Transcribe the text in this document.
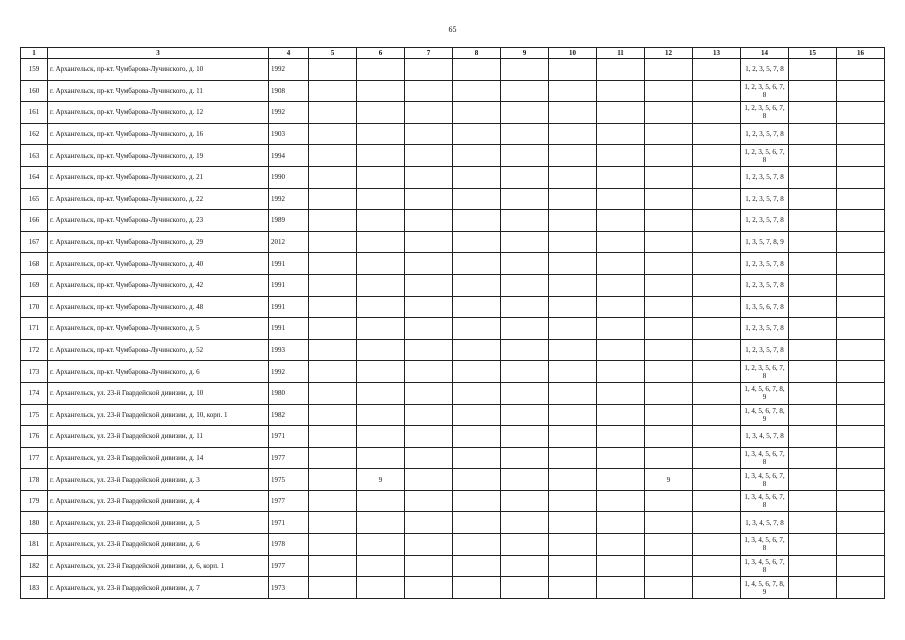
65
1	3	4	5	6	7	8	9	10	11	12	13	14	15	16
159	г. Архангельск, пр-кт. Чумбарова-Лучинского, д. 10	1992										1, 2, 3, 5, 7, 8		
160	г. Архангельск, пр-кт. Чумбарова-Лучинского, д. 11	1908										1, 2, 3, 5, 6, 7, 8		
161	г. Архангельск, пр-кт. Чумбарова-Лучинского, д. 12	1992										1, 2, 3, 5, 6, 7, 8		
162	г. Архангельск, пр-кт. Чумбарова-Лучинского, д. 16	1903										1, 2, 3, 5, 7, 8		
163	г. Архангельск, пр-кт. Чумбарова-Лучинского, д. 19	1994										1, 2, 3, 5, 6, 7, 8		
164	г. Архангельск, пр-кт. Чумбарова-Лучинского, д. 21	1990										1, 2, 3, 5, 7, 8		
165	г. Архангельск, пр-кт. Чумбарова-Лучинского, д. 22	1992										1, 2, 3, 5, 7, 8		
166	г. Архангельск, пр-кт. Чумбарова-Лучинского, д. 23	1989										1, 2, 3, 5, 7, 8		
167	г. Архангельск, пр-кт. Чумбарова-Лучинского, д. 29	2012										1, 3, 5, 7, 8, 9		
168	г. Архангельск, пр-кт. Чумбарова-Лучинского, д. 40	1991										1, 2, 3, 5, 7, 8		
169	г. Архангельск, пр-кт. Чумбарова-Лучинского, д. 42	1991										1, 2, 3, 5, 7, 8		
170	г. Архангельск, пр-кт. Чумбарова-Лучинского, д. 48	1991										1, 3, 5, 6, 7, 8		
171	г. Архангельск, пр-кт. Чумбарова-Лучинского, д. 5	1991										1, 2, 3, 5, 7, 8		
172	г. Архангельск, пр-кт. Чумбарова-Лучинского, д. 52	1993										1, 2, 3, 5, 7, 8		
173	г. Архангельск, пр-кт. Чумбарова-Лучинского, д. 6	1992										1, 2, 3, 5, 6, 7, 8		
174	г. Архангельск, ул. 23-й Гвардейской дивизии, д. 10	1980										1, 4, 5, 6, 7, 8, 9		
175	г. Архангельск, ул. 23-й Гвардейской дивизии, д. 10, корп. 1	1982										1, 4, 5, 6, 7, 8, 9		
176	г. Архангельск, ул. 23-й Гвардейской дивизии, д. 11	1971										1, 3, 4, 5, 7, 8		
177	г. Архангельск, ул. 23-й Гвардейской дивизии, д. 14	1977										1, 3, 4, 5, 6, 7, 8		
178	г. Архангельск, ул. 23-й Гвардейской дивизии, д. 3	1975		9						9		1, 3, 4, 5, 6, 7, 8		
179	г. Архангельск, ул. 23-й Гвардейской дивизии, д. 4	1977										1, 3, 4, 5, 6, 7, 8		
180	г. Архангельск, ул. 23-й Гвардейской дивизии, д. 5	1971										1, 3, 4, 5, 7, 8		
181	г. Архангельск, ул. 23-й Гвардейской дивизии, д. 6	1978										1, 3, 4, 5, 6, 7, 8		
182	г. Архангельск, ул. 23-й Гвардейской дивизии, д. 6, корп. 1	1977										1, 3, 4, 5, 6, 7, 8		
183	г. Архангельск, ул. 23-й Гвардейской дивизии, д. 7	1973										1, 4, 5, 6, 7, 8, 9		
